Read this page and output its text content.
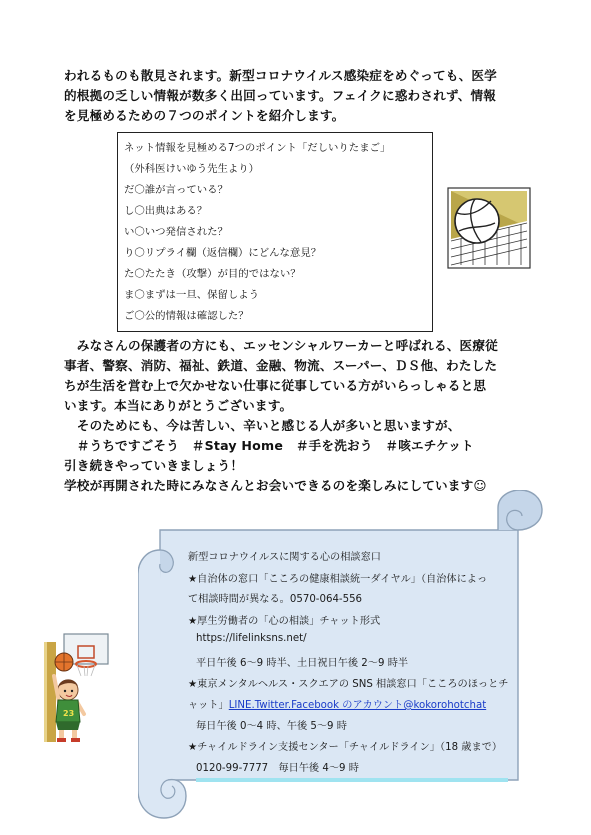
われるものも散見されます。新型コロナウイルス感染症をめぐっても、医学
的根拠の乏しい情報が数多く出回っています。フェイクに惑わされず、情報
を見極めるための７つのポイントを紹介します。
ネット情報を見極める7つのポイント「だしいりたまご」
（外科医けいゆう先生より）
だ〇誰が言っている？
し〇出典はある？
い〇いつ発信された？
り〇リプライ欄（返信欄）にどんな意見？
た〇たたき（攻撃）が目的ではない？
ま〇まずは一旦、保留しよう
ご〇公的情報は確認した？
　みなさんの保護者の方にも、エッセンシャルワーカーと呼ばれる、医療従
事者、警察、消防、福祉、鉄道、金融、物流、スーパー、ＤＳ他、わたした
ちが生活を営む上で欠かせない仕事に従事している方がいらっしゃると思
います。本当にありがとうございます。
　そのためにも、今は苦しい、辛いと感じる人が多いと思いますが、
　＃うちですごそう　＃Stay Home　＃手を洗おう　＃咳エチケット
引き続きやっていきましょう！
学校が再開された時にみなさんとお会いできるのを楽しみにしています☺
新型コロナウイルスに関する心の相談窓口
★自治体の窓口「こころの健康相談統一ダイヤル」（自治体によっ
て相談時間が異なる。0570-064-556
★厚生労働者の「心の相談」チャット形式
https://lifelinksns.net/
平日午後 6～9 時半、土日祝日午後 2～9 時半
★東京メンタルヘルス・スクエアの SNS 相談窓口「こころのほっとチ
ャット」LINE.Twitter.Facebook のアカウント@kokorohotchat
毎日午後 0～4 時、午後 5～9 時
★チャイルドライン支援センター「チャイルドライン」（18 歳まで）
0120-99-7777　毎日午後 4～9 時
23
